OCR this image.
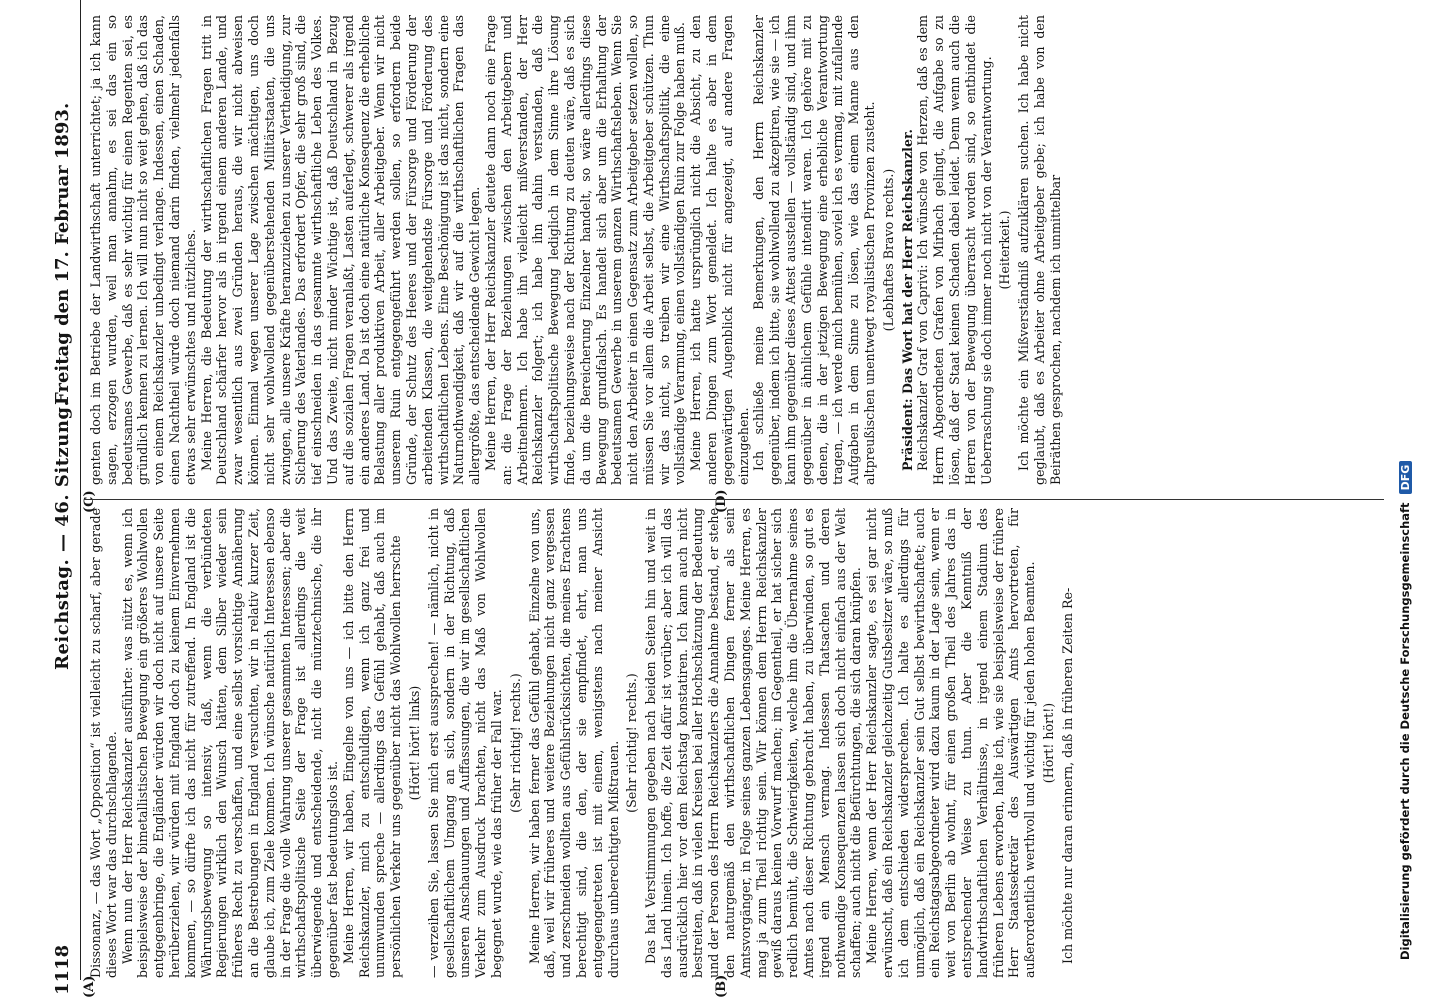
1118
Reichstag. — 46. Sitzung.
Freitag den 17. Februar 1893.
(A)	(B)
(C)	(D)

Dissonanz, — das Wort „Opposition“ ist vielleicht zu scharf, aber gerade dieses Wort war das durchschlagende. Wenn nun der Herr Reichskanzler ausführte: was nützt es, wenn ich beispielsweise der bimetallistischen Bewegung ein größeres Wohlwollen entgegenbringe, die Engländer würden wir doch nicht auf unsere Seite herüberziehen, wir würden mit England doch zu keinem Einvernehmen kommen, — so dürfte ich das nicht für zutreffend. In England ist die Währungsbewegung so intensiv, daß, wenn die verbündeten Regierungen wirklich den Wunsch hätten, dem Silber wieder sein früheres Recht zu verschaffen, und eine selbst vorsichtige Annäherung an die Bestrebungen in England versuchten, wir in relativ kurzer Zeit, glaube ich, zum Ziele kommen. Ich wünsche natürlich Interessen ebenso in der Frage die volle Wahrung unserer gesammten Interessen; aber die wirthschaftspolitische Seite der Frage ist allerdings die weit überwiegende und entscheidende, nicht die münztechnische, die ihr gegenüber fast bedeutungslos ist. Meine Herren, wir haben, Eingelne von uns — ich bitte den Herrn Reichskanzler, mich zu entschuldigen, wenn ich ganz frei und unumwunden spreche — allerdings das Gefühl gehabt, daß auch im persönlichen Verkehr uns gegenüber nicht das Wohlwollen herrschte (Hört! hört! links) — verzeihen Sie, lassen Sie mich erst aussprechen! — nämlich, nicht in gesellschaftlichem Umgang an sich, sondern in der Richtung, daß unseren Anschauungen und Auffassungen, die wir im gesellschaftlichen Verkehr zum Ausdruck brachten, nicht das Maß von Wohlwollen begegnet wurde, wie das früher der Fall war. (Sehr richtig! rechts.) Meine Herren, wir haben ferner das Gefühl gehabt, Einzelne von uns, daß, weil wir früheres und weitere Beziehungen nicht ganz vergessen und zerschneiden wollten aus Gefühlsrücksichten, die meines Erachtens berechtigt sind, die den, der sie empfindet, ehrt, man uns entgegengetreten ist mit einem, wenigstens nach meiner Ansicht durchaus unberechtigten Mißtrauen. (Sehr richtig! rechts.) Das hat Verstimmungen gegeben nach beiden Seiten hin und weit in das Land hinein. Ich hoffe, die Zeit dafür ist vorüber; aber ich will das ausdrücklich hier vor dem Reichstag konstatiren. Ich kann auch nicht bestreiten, daß in vielen Kreisen bei aller Hochschätzung der Bedeutung und der Person des Herrn Reichskanzlers die Annahme bestand, er stehe den naturgemäß den wirthschaftlichen Dingen ferner als sein Amtsvorgänger, in Folge seines ganzen Lebensganges. Meine Herren, es mag ja zum Theil richtig sein. Wir können dem Herrn Reichskanzler gewiß daraus keinen Vorwurf machen; im Gegentheil, er hat sicher sich redlich bemüht, die Schwierigkeiten, welche ihm die Übernahme seines Amtes nach dieser Richtung gebracht haben, zu überwinden, so gut es irgend ein Mensch vermag. Indessen Thatsachen und deren nothwendige Konsequenzen lassen sich doch nicht einfach aus der Welt schaffen; auch nicht die Befürchtungen, die sich daran knüpfen. Meine Herren, wenn der Herr Reichskanzler sagte, es sei gar nicht erwünscht, daß ein Reichskanzler gleichzeitig Gutsbesitzer wäre, so muß ich dem entschieden widersprechen. Ich halte es allerdings für unmöglich, daß ein Reichskanzler sein Gut selbst bewirthschaftet; auch ein Reichstagsabgeordneter wird dazu kaum in der Lage sein, wenn er weit von Berlin ab wohnt, für einen großen Theil des Jahres das in entsprechender Weise zu thun. Aber die Kenntniß der landwirthschaftlichen Verhältnisse, in irgend einem Stadium des früheren Lebens erworben, halte ich, wie sie beispielsweise der frühere Herr Staatssekretär des Auswärtigen Amts hervortreten, für außerordentlich werthvoll und wichtig für jeden hohen Beamten. (Hört! hört!) Ich möchte nur daran erinnern, daß in früheren Zeiten Re-

genten doch im Betriebe der Landwirthschaft unterrichtet; ja ich kann sagen, erzogen wurden, weil man annahm, es sei das ein so bedeutsames Gewerbe, daß es sehr wichtig für einen Regenten sei, es gründlich kennen zu lernen. Ich will nun nicht so weit gehen, daß ich das von einem Reichskanzler unbedingt verlange. Indessen, einen Schaden, einen Nachtheil würde doch niemand darin finden, vielmehr jedenfalls etwas sehr erwünschtes und nützliches. Meine Herren, die Bedeutung der wirthschaftlichen Fragen tritt in Deutschland schärfer hervor als in irgend einem anderen Lande, und zwar wesentlich aus zwei Gründen heraus, die wir nicht abweisen können. Einmal wegen unserer Lage zwischen mächtigen, uns doch nicht sehr wohlwollend gegenüberstehenden Militärstaaten, die uns zwingen, alle unsere Kräfte heranzuziehen zu unserer Vertheidigung, zur Sicherung des Vaterlandes. Das erfordert Opfer, die sehr groß sind, die tief einschneiden in das gesammte wirthschaftliche Leben des Volkes. Und das Zweite, nicht minder Wichtige ist, daß Deutschland in Bezug auf die sozialen Fragen veranlaßt, Lasten auferlegt, schwerer als irgend ein anderes Land. Da ist doch eine natürliche Konsequenz die erhebliche Belastung aller produktiven Arbeit, aller Arbeitgeber. Wenn wir nicht unserem Ruin entgegengeführt werden sollen, so erfordern beide Gründe, der Schutz des Heeres und der Fürsorge und Förderung der arbeitenden Klassen, die weitgehendste Fürsorge und Förderung des wirthschaftlichen Lebens. Eine Beschönigung ist das nicht, sondern eine Naturnothwendigkeit, daß wir auf die wirthschaftlichen Fragen das allergrößte, das entscheidende Gewicht legen. Meine Herren, der Herr Reichskanzler deutete dann noch eine Frage an: die Frage der Beziehungen zwischen den Arbeitgebern und Arbeitnehmern. Ich habe ihn vielleicht mißverstanden, der Herr Reichskanzler folgert; ich habe ihn dahin verstanden, daß die wirthschaftspolitische Bewegung lediglich in dem Sinne ihre Lösung finde, beziehungsweise nach der Richtung zu deuten wäre, daß es sich da um die Bereicherung Einzelner handelt, so wäre allerdings diese Bewegung grundfalsch. Es handelt sich aber um die Erhaltung der bedeutsamen Gewerbe in unserem ganzen Wirthschaftsleben. Wenn Sie nicht den Arbeiter in einen Gegensatz zum Arbeitgeber setzen wollen, so müssen Sie vor allem die Arbeit selbst, die Arbeitgeber schützen. Thun wir das nicht, so treiben wir eine Wirthschaftspolitik, die eine vollständige Verarmung, einen vollständigen Ruin zur Folge haben muß. Meine Herren, ich hatte ursprünglich nicht die Absicht, zu den anderen Dingen zum Wort gemeldet. Ich halte es aber in dem gegenwärtigen Augenblick nicht für angezeigt, auf andere Fragen einzugehen. Ich schließe meine Bemerkungen, den Herrn Reichskanzler gegenüber, indem ich bitte, sie wohlwollend zu akzeptiren, wie sie — ich kann ihm gegenüber dieses Attest ausstellen — vollständig sind, und ihm gegenüber in ähnlichem Gefühle intendirt waren. Ich gehöre mit zu denen, die in der jetzigen Bewegung eine erhebliche Verantwortung tragen, — ich werde mich bemühen, soviel ich es vermag, mit zufallende Aufgaben in dem Sinne zu lösen, wie das einem Manne aus den altpreußischen unentwegt royalistischen Provinzen zusteht. (Lebhaftes Bravo rechts.) Präsident: Das Wort hat der Herr Reichskanzler. Reichskanzler Graf von Caprivi: Ich wünsche von Herzen, daß es dem Herrn Abgeordneten Grafen von Mirbach gelingt, die Aufgabe so zu lösen, daß der Staat keinen Schaden dabei leidet. Denn wenn auch die Herren von der Bewegung überrascht worden sind, so entbindet die Ueberraschung sie doch immer noch nicht von der Verantwortung. (Heiterkeit.) Ich möchte ein Mißverständniß aufzuklären suchen. Ich habe nicht geglaubt, daß es Arbeiter ohne Arbeitgeber gebe; ich habe von den Beiräthen gesprochen, nachdem ich unmittelbar

Digitalisierung gefördert durch die Deutsche Forschungsgemeinschaft DFG
